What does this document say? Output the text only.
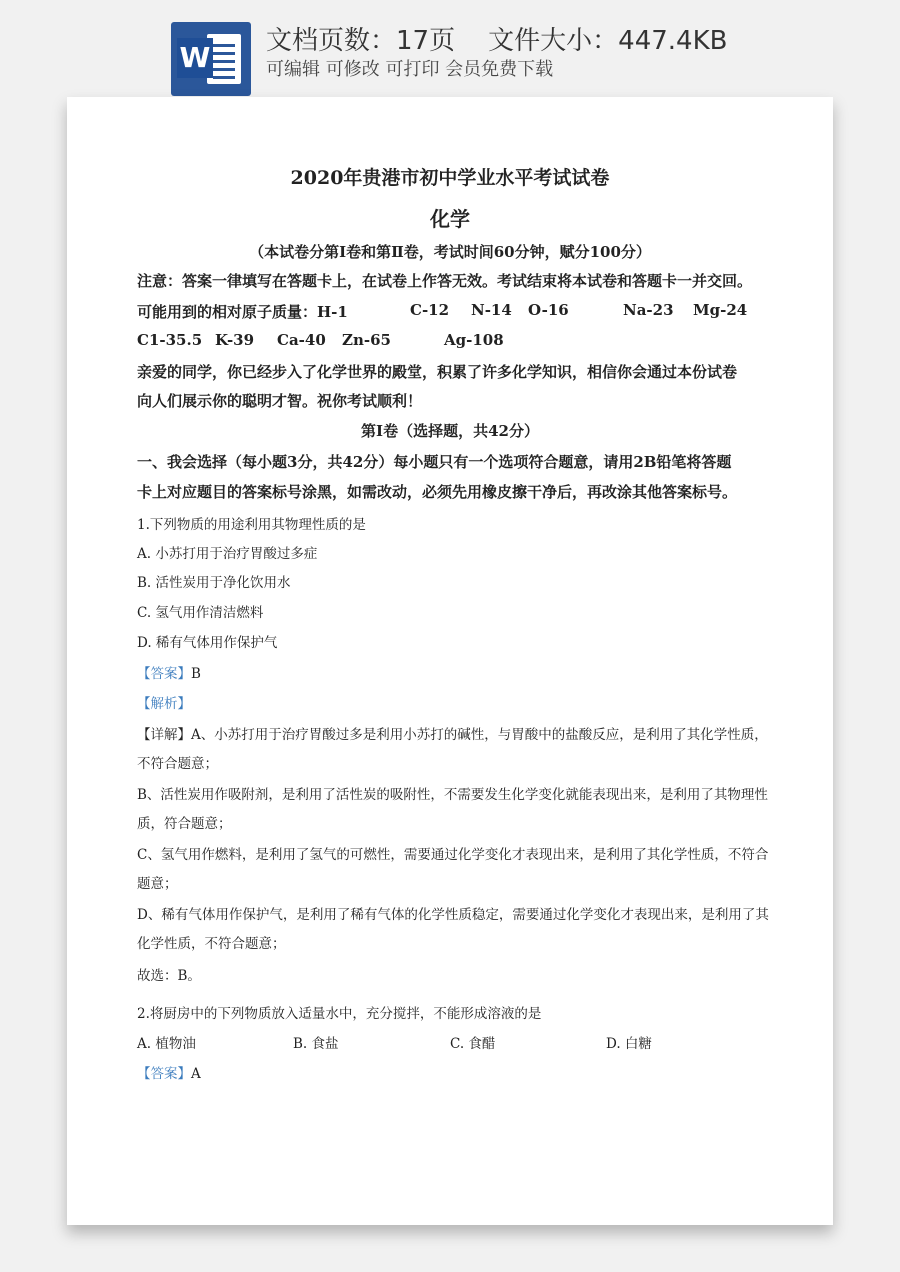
W 文档页数：17页 文件大小：447.4KB
可编辑 可修改 可打印 会员免费下载
2020年贵港市初中学业水平考试试卷
化学
（本试卷分第Ⅰ卷和第Ⅱ卷，考试时间60分钟，赋分100分）
注意：答案一律填写在答题卡上，在试卷上作答无效。考试结束将本试卷和答题卡一并交回。
可能用到的相对原子质量：H-1	C-12 N-14 O-16	Na-23 Mg-24
C1-35.5 K-39 Ca-40 Zn-65	Ag-108
亲爱的同学，你已经步入了化学世界的殿堂，积累了许多化学知识，相信你会通过本份试卷
向人们展示你的聪明才智。祝你考试顺利！
第Ⅰ卷（选择题，共42分）
一、我会选择（每小题3分，共42分）每小题只有一个选项符合题意，请用2B铅笔将答题
卡上对应题目的答案标号涂黑，如需改动，必须先用橡皮擦干净后，再改涂其他答案标号。
1.下列物质的用途利用其物理性质的是
A. 小苏打用于治疗胃酸过多症
B. 活性炭用于净化饮用水
C. 氢气用作清洁燃料
D. 稀有气体用作保护气
【答案】B
【解析】
【详解】A、小苏打用于治疗胃酸过多是利用小苏打的碱性，与胃酸中的盐酸反应，是利用了其化学性质，
不符合题意；
B、活性炭用作吸附剂，是利用了活性炭的吸附性，不需要发生化学变化就能表现出来，是利用了其物理性
质，符合题意；
C、氢气用作燃料，是利用了氢气的可燃性，需要通过化学变化才表现出来，是利用了其化学性质，不符合
题意；
D、稀有气体用作保护气，是利用了稀有气体的化学性质稳定，需要通过化学变化才表现出来，是利用了其
化学性质，不符合题意；
故选：B。
2.将厨房中的下列物质放入适量水中，充分搅拌，不能形成溶液的是
A. 植物油	B. 食盐	C. 食醋	D. 白糖
【答案】A
